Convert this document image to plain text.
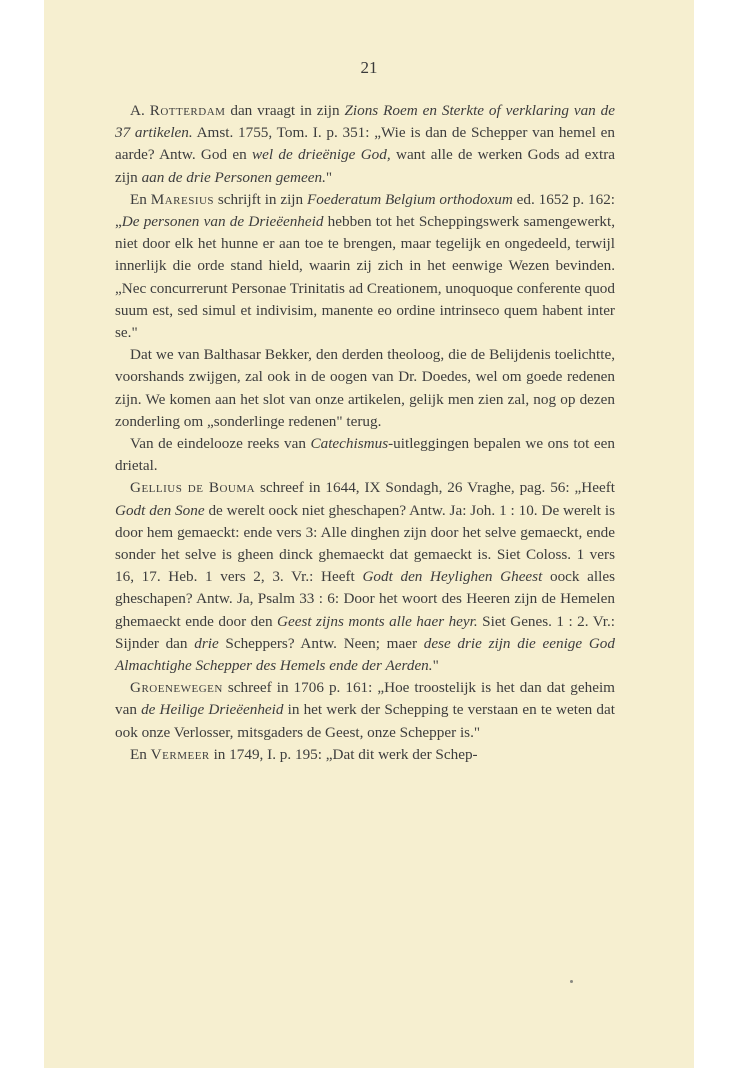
21

A. Rotterdam dan vraagt in zijn Zions Roem en Sterkte of verklaring van de 37 artikelen. Amst. 1755, Tom. I. p. 351: „Wie is dan de Schepper van hemel en aarde? Antw. God en wel de drieënige God, want alle de werken Gods ad extra zijn aan de drie Personen gemeen."

En Maresius schrijft in zijn Foederatum Belgium orthodoxum ed. 1652 p. 162: „De personen van de Drieëenheid hebben tot het Scheppingswerk samengewerkt, niet door elk het hunne er aan toe te brengen, maar tegelijk en ongedeeld, terwijl innerlijk die orde stand hield, waarin zij zich in het eenwige Wezen bevinden. „Nec concurrerunt Personae Trinitatis ad Creationem, unoquoque conferente quod suum est, sed simul et indivisim, manente eo ordine intrinseco quem habent inter se."

Dat we van Balthasar Bekker, den derden theoloog, die de Belijdenis toelichtte, voorshands zwijgen, zal ook in de oogen van Dr. Doedes, wel om goede redenen zijn. We komen aan het slot van onze artikelen, gelijk men zien zal, nog op dezen zonderling om „sonderlinge redenen" terug.

Van de eindelooze reeks van Catechismus-uitleggingen bepalen we ons tot een drietal.

Gellius de Bouma schreef in 1644, IX Sondagh, 26 Vraghe, pag. 56: „Heeft Godt den Sone de werelt oock niet gheschapen? Antw. Ja: Joh. 1 : 10. De werelt is door hem gemaeckt: ende vers 3: Alle dinghen zijn door het selve gemaeckt, ende sonder het selve is gheen dinck ghemaeckt dat gemaeckt is. Siet Coloss. 1 vers 16, 17. Heb. 1 vers 2, 3. Vr.: Heeft Godt den Heylighen Gheest oock alles gheschapen? Antw. Ja, Psalm 33 : 6: Door het woort des Heeren zijn de Hemelen ghemaeckt ende door den Geest zijns monts alle haer heyr. Siet Genes. 1 : 2. Vr.: Sijnder dan drie Scheppers? Antw. Neen; maer dese drie zijn die eenige God Almachtighe Schepper des Hemels ende der Aerden."

Groenewegen schreef in 1706 p. 161: „Hoe troostelijk is het dan dat geheim van de Heilige Drieëenheid in het werk der Schepping te verstaan en te weten dat ook onze Verlosser, mitsgaders de Geest, onze Schepper is."

En Vermeer in 1749, I. p. 195: „Dat dit werk der Schep-
